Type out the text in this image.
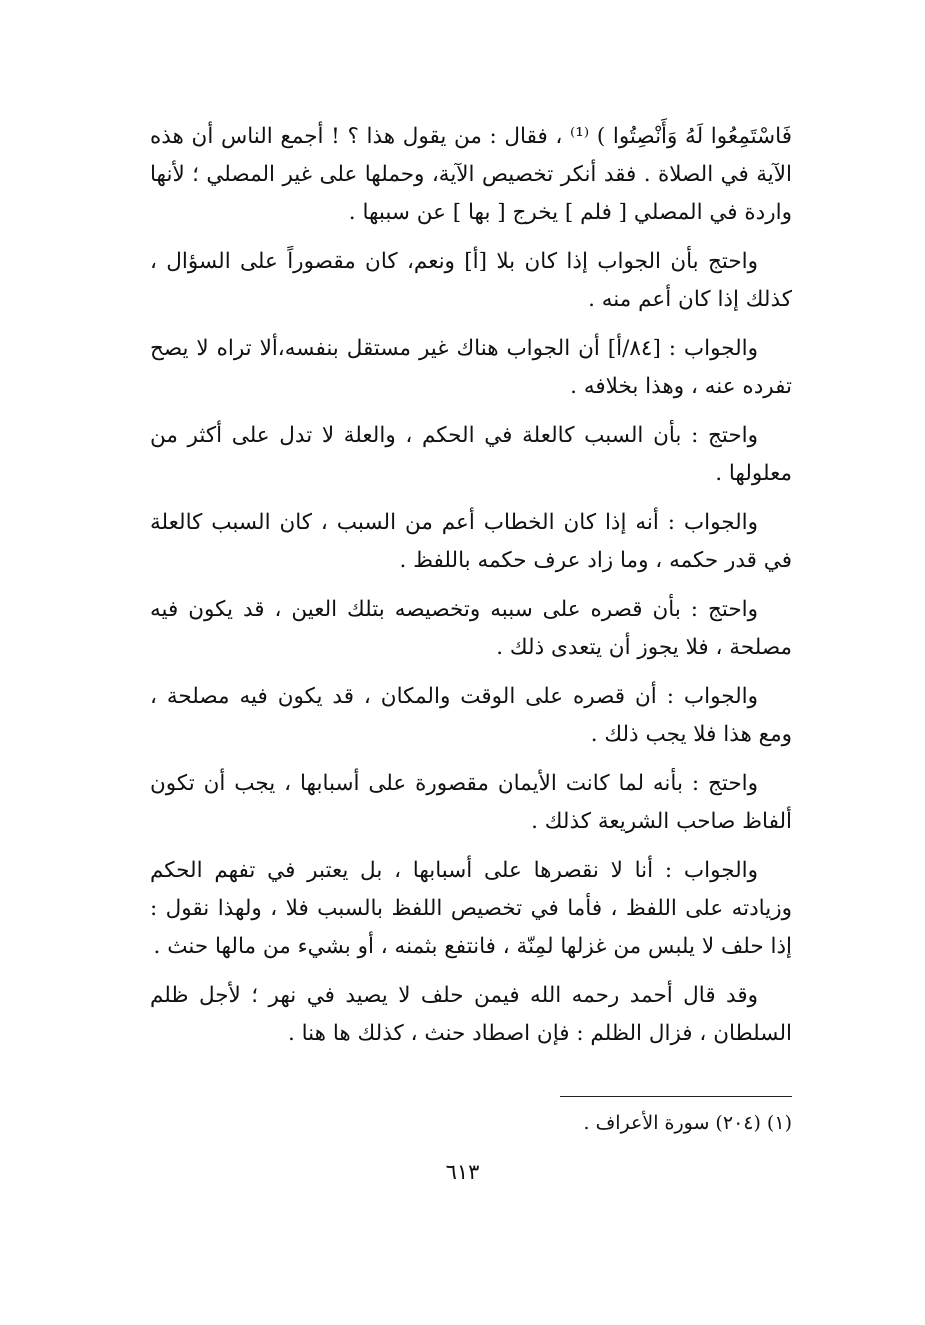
فَاسْتَمِعُوا لَهُ وَأَنْصِتُوا ) ⁽¹⁾ ، فقال : من يقول هذا ؟ ! أجمع الناس أن هذه الآية في الصلاة . فقد أنكر تخصيص الآية، وحملها على غير المصلي ؛ لأنها واردة في المصلي [ فلم ] يخرج [ بها ] عن سببها .

واحتج بأن الجواب إذا كان بلا [أ] ونعم، كان مقصوراً على السؤال ، كذلك إذا كان أعم منه .

والجواب : [٨٤/أ] أن الجواب هناك غير مستقل بنفسه،ألا تراه لا يصح تفرده عنه ، وهذا بخلافه .

واحتج : بأن السبب كالعلة في الحكم ، والعلة لا تدل على أكثر من معلولها .

والجواب : أنه إذا كان الخطاب أعم من السبب ، كان السبب كالعلة في قدر حكمه ، وما زاد عرف حكمه باللفظ .

واحتج : بأن قصره على سببه وتخصيصه بتلك العين ، قد يكون فيه مصلحة ، فلا يجوز أن يتعدى ذلك .

والجواب : أن قصره على الوقت والمكان ، قد يكون فيه مصلحة ، ومع هذا فلا يجب ذلك .

واحتج : بأنه لما كانت الأيمان مقصورة على أسبابها ، يجب أن تكون ألفاظ صاحب الشريعة كذلك .

والجواب : أنا لا نقصرها على أسبابها ، بل يعتبر في تفهم الحكم وزيادته على اللفظ ، فأما في تخصيص اللفظ بالسبب فلا ، ولهذا نقول : إذا حلف لا يلبس من غزلها لمِنّة ، فانتفع بثمنه ، أو بشيء من مالها حنث .

وقد قال أحمد رحمه الله فيمن حلف لا يصيد في نهر ؛ لأجل ظلم السلطان ، فزال الظلم : فإن اصطاد حنث ، كذلك ها هنا .

(١) (٢٠٤) سورة الأعراف .
٦١٣
